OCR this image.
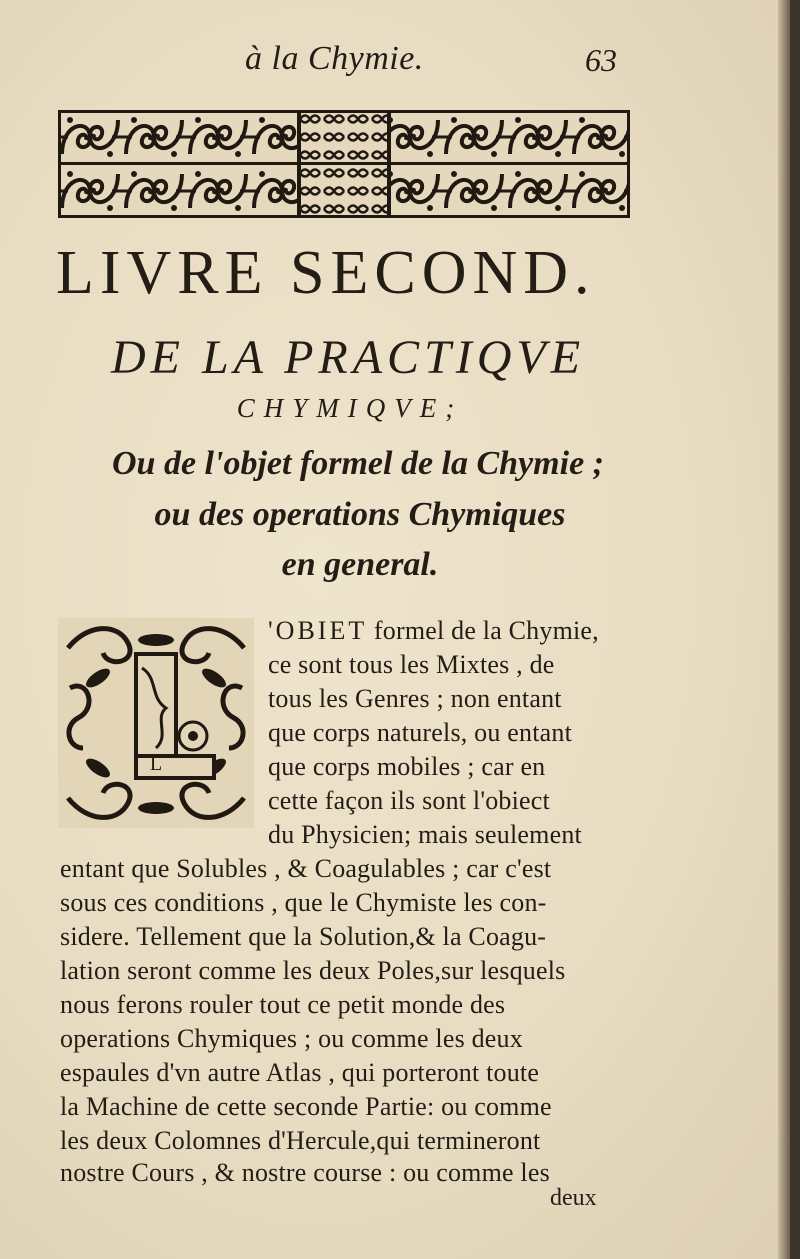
à la Chymie.	63
LIVRE SECOND.
DE LA PRACTIQVE
CHYMIQVE;
Ou de l'objet formel de la Chymie ;
ou des operations Chymiques
en general.
L
'OBIET formel de la Chymie,
ce sont tous les Mixtes , de
tous les Genres ; non entant
que corps naturels, ou entant
que corps mobiles ; car en
cette façon ils sont l'obiect
du Physicien; mais seulement
entant que Solubles , & Coagulables ; car c'est
sous ces conditions , que le Chymiste les con-
sidere. Tellement que la Solution,& la Coagu-
lation seront comme les deux Poles,sur lesquels
nous ferons rouler tout ce petit monde des
operations Chymiques ; ou comme les deux
espaules d'vn autre Atlas , qui porteront toute
la Machine de cette seconde Partie: ou comme
les deux Colomnes d'Hercule,qui termineront
nostre Cours , & nostre course : ou comme les
deux
